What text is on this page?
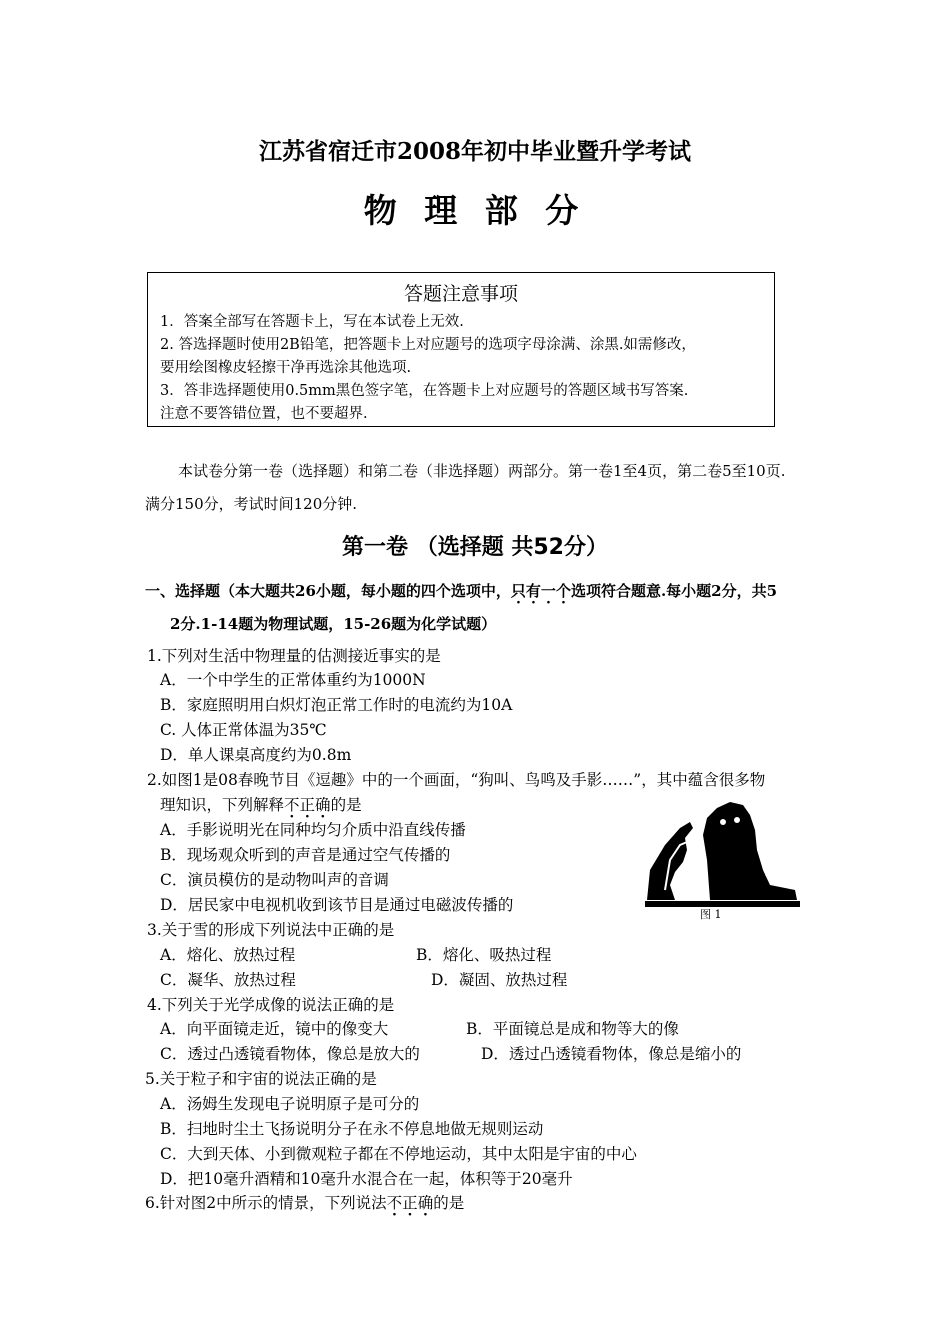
江苏省宿迁市2008年初中毕业暨升学考试
物 理 部 分
答题注意事项
1．答案全部写在答题卡上，写在本试卷上无效.
2. 答选择题时使用2B铅笔，把答题卡上对应题号的选项字母涂满、涂黑.如需修改，
要用绘图橡皮轻擦干净再选涂其他选项.
3．答非选择题使用0.5mm黑色签字笔，在答题卡上对应题号的答题区域书写答案.
注意不要答错位置，也不要超界.
本试卷分第一卷（选择题）和第二卷（非选择题）两部分。第一卷1至4页，第二卷5至10页.
满分150分，考试时间120分钟.
第一卷 （选择题 共52分）
一、选择题（本大题共26小题，每小题的四个选项中，只有一个选项符合题意.每小题2分，共5
2分.1-14题为物理试题，15-26题为化学试题）
1.下列对生活中物理量的估测接近事实的是
A．一个中学生的正常体重约为1000N
B．家庭照明用白炽灯泡正常工作时的电流约为10A
C. 人体正常体温为35℃
D．单人课桌高度约为0.8m
2.如图1是08春晚节目《逗趣》中的一个画面，“狗叫、鸟鸣及手影……”，其中蕴含很多物
理知识，下列解释不正确的是
A．手影说明光在同种均匀介质中沿直线传播
B．现场观众听到的声音是通过空气传播的
C．演员模仿的是动物叫声的音调
D．居民家中电视机收到该节目是通过电磁波传播的
图 1
3.关于雪的形成下列说法中正确的是
A．熔化、放热过程	B．熔化、吸热过程
C．凝华、放热过程	D．凝固、放热过程
4.下列关于光学成像的说法正确的是
A．向平面镜走近，镜中的像变大	B．平面镜总是成和物等大的像
C．透过凸透镜看物体，像总是放大的	D．透过凸透镜看物体，像总是缩小的
5.关于粒子和宇宙的说法正确的是
A．汤姆生发现电子说明原子是可分的
B．扫地时尘土飞扬说明分子在永不停息地做无规则运动
C．大到天体、小到微观粒子都在不停地运动，其中太阳是宇宙的中心
D．把10毫升酒精和10毫升水混合在一起，体积等于20毫升
6.针对图2中所示的情景，下列说法不正确的是
